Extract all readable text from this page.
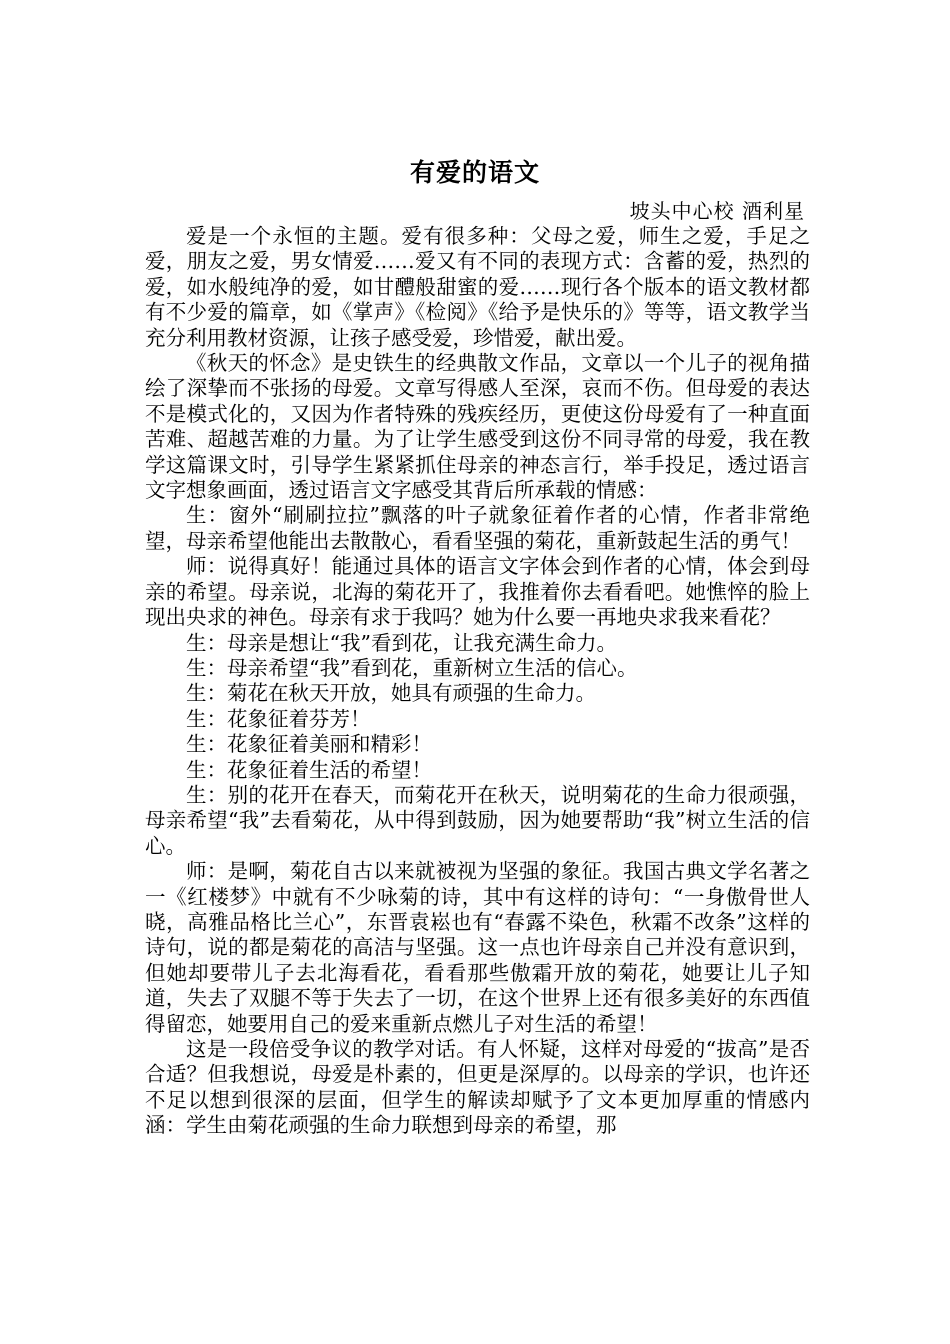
有爱的语文
坡头中心校 酒利星

爱是一个永恒的主题。爱有很多种：父母之爱，师生之爱，手足之爱，朋友之爱，男女情爱……爱又有不同的表现方式：含蓄的爱，热烈的爱，如水般纯净的爱，如甘醴般甜蜜的爱……现行各个版本的语文教材都有不少爱的篇章，如《掌声》《检阅》《给予是快乐的》等等，语文教学当充分利用教材资源，让孩子感受爱，珍惜爱，献出爱。

《秋天的怀念》是史铁生的经典散文作品，文章以一个儿子的视角描绘了深挚而不张扬的母爱。文章写得感人至深，哀而不伤。但母爱的表达不是模式化的，又因为作者特殊的残疾经历，更使这份母爱有了一种直面苦难、超越苦难的力量。为了让学生感受到这份不同寻常的母爱，我在教学这篇课文时，引导学生紧紧抓住母亲的神态言行，举手投足，透过语言文字想象画面，透过语言文字感受其背后所承载的情感：

生：窗外“刷刷拉拉”飘落的叶子就象征着作者的心情，作者非常绝望，母亲希望他能出去散散心，看看坚强的菊花，重新鼓起生活的勇气！

师：说得真好！能通过具体的语言文字体会到作者的心情，体会到母亲的希望。母亲说，北海的菊花开了，我推着你去看看吧。她憔悴的脸上现出央求的神色。母亲有求于我吗？她为什么要一再地央求我来看花？

生：母亲是想让“我”看到花，让我充满生命力。

生：母亲希望“我”看到花，重新树立生活的信心。

生：菊花在秋天开放，她具有顽强的生命力。

生：花象征着芬芳！

生：花象征着美丽和精彩！

生：花象征着生活的希望！

生：别的花开在春天，而菊花开在秋天，说明菊花的生命力很顽强，母亲希望“我”去看菊花，从中得到鼓励，因为她要帮助“我”树立生活的信心。

师：是啊，菊花自古以来就被视为坚强的象征。我国古典文学名著之一《红楼梦》中就有不少咏菊的诗，其中有这样的诗句：“一身傲骨世人晓，高雅品格比兰心”，东晋袁崧也有“春露不染色，秋霜不改条”这样的诗句，说的都是菊花的高洁与坚强。这一点也许母亲自己并没有意识到，但她却要带儿子去北海看花，看看那些傲霜开放的菊花，她要让儿子知道，失去了双腿不等于失去了一切，在这个世界上还有很多美好的东西值得留恋，她要用自己的爱来重新点燃儿子对生活的希望！

这是一段倍受争议的教学对话。有人怀疑，这样对母爱的“拔高”是否合适？但我想说，母爱是朴素的，但更是深厚的。以母亲的学识，也许还不足以想到很深的层面，但学生的解读却赋予了文本更加厚重的情感内涵：学生由菊花顽强的生命力联想到母亲的希望，那
